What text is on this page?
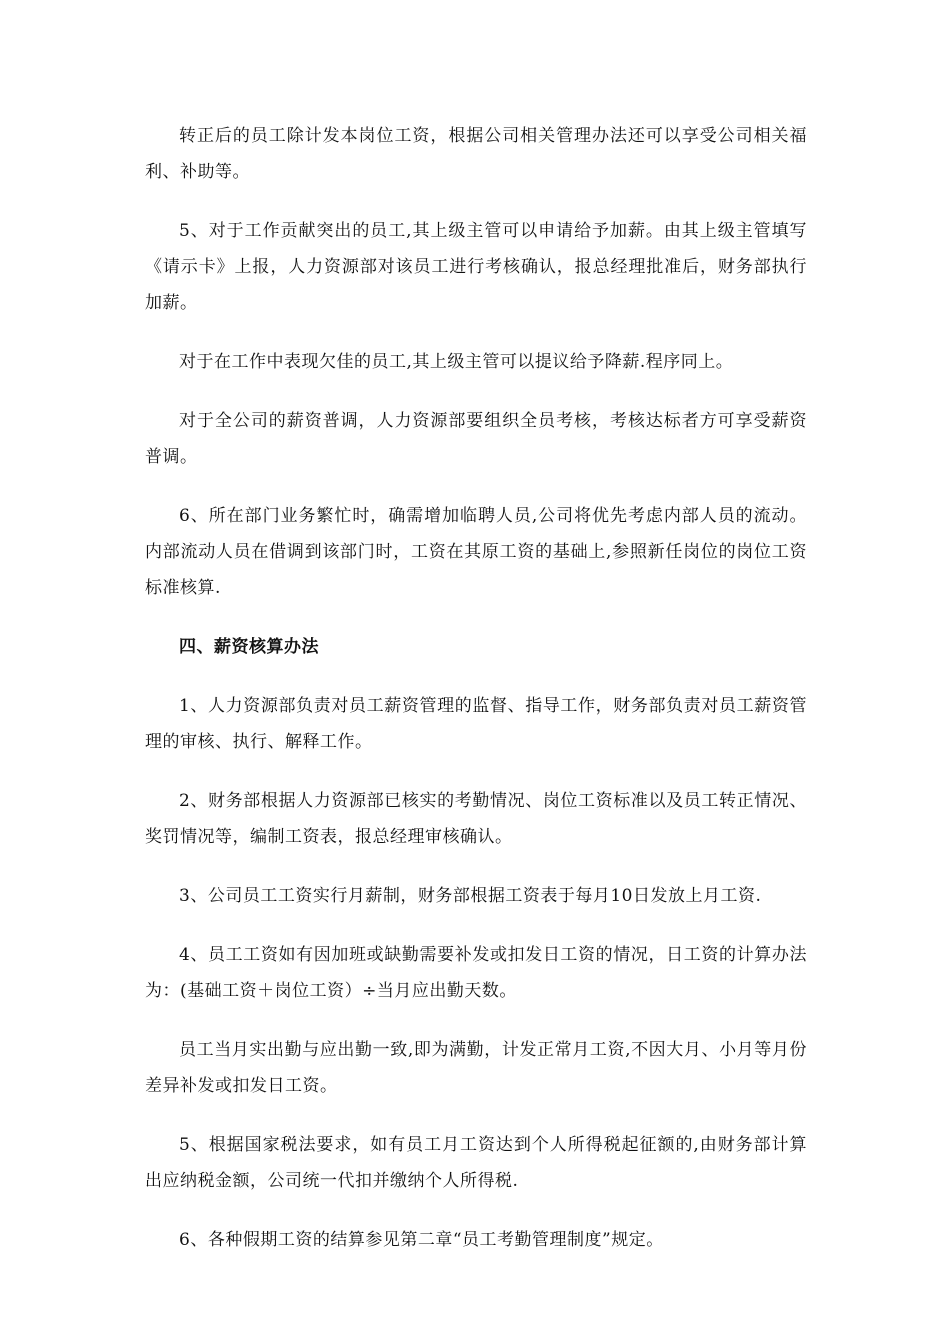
转正后的员工除计发本岗位工资，根据公司相关管理办法还可以享受公司相关福利、补助等。

5、对于工作贡献突出的员工,其上级主管可以申请给予加薪。由其上级主管填写《请示卡》上报，人力资源部对该员工进行考核确认，报总经理批准后，财务部执行加薪。

对于在工作中表现欠佳的员工,其上级主管可以提议给予降薪.程序同上。

对于全公司的薪资普调，人力资源部要组织全员考核，考核达标者方可享受薪资普调。

6、所在部门业务繁忙时，确需增加临聘人员,公司将优先考虑内部人员的流动。内部流动人员在借调到该部门时，工资在其原工资的基础上,参照新任岗位的岗位工资标准核算.

四、薪资核算办法

1、人力资源部负责对员工薪资管理的监督、指导工作，财务部负责对员工薪资管理的审核、执行、解释工作。

2、财务部根据人力资源部已核实的考勤情况、岗位工资标准以及员工转正情况、奖罚情况等，编制工资表，报总经理审核确认。

3、公司员工工资实行月薪制，财务部根据工资表于每月10日发放上月工资.

4、员工工资如有因加班或缺勤需要补发或扣发日工资的情况，日工资的计算办法为：(基础工资＋岗位工资）÷当月应出勤天数。

员工当月实出勤与应出勤一致,即为满勤，计发正常月工资,不因大月、小月等月份差异补发或扣发日工资。

5、根据国家税法要求，如有员工月工资达到个人所得税起征额的,由财务部计算出应纳税金额，公司统一代扣并缴纳个人所得税.

6、各种假期工资的结算参见第二章“员工考勤管理制度”规定。
